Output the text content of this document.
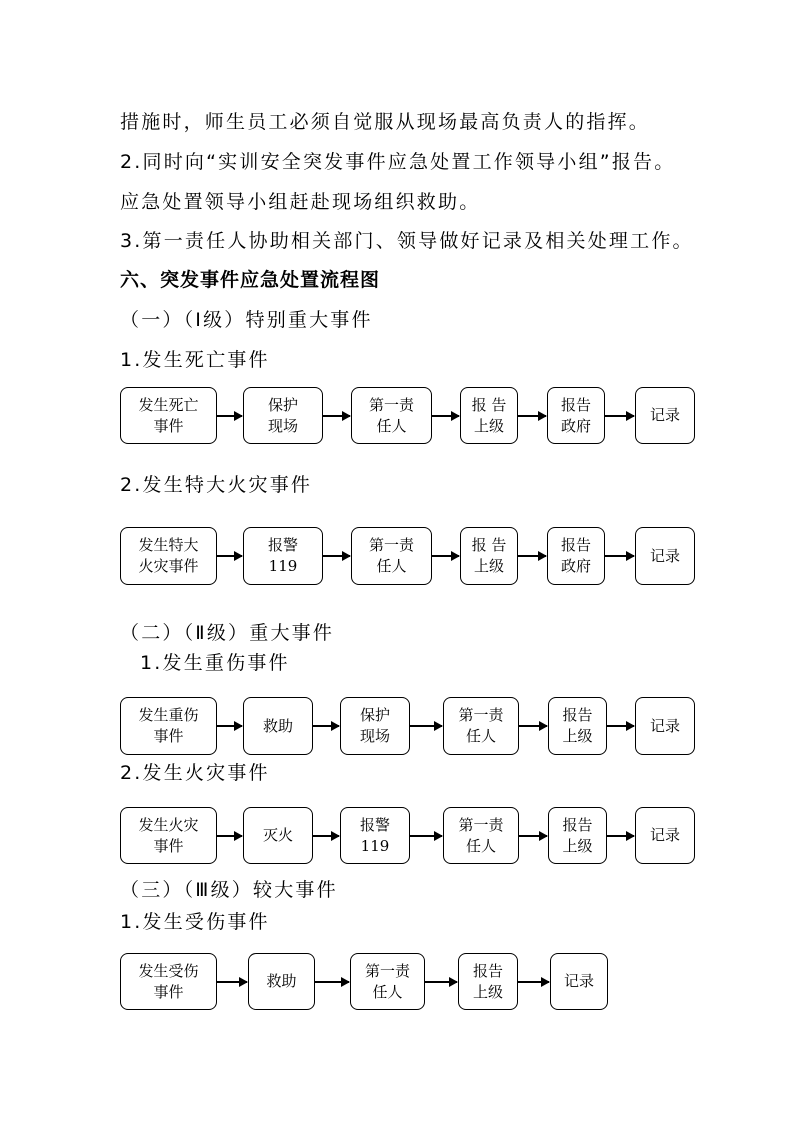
措施时，师生员工必须自觉服从现场最高负责人的指挥。
2.同时向“实训安全突发事件应急处置工作领导小组”报告。
应急处置领导小组赶赴现场组织救助。
3.第一责任人协助相关部门、领导做好记录及相关处理工作。
六、突发事件应急处置流程图
（一）（Ⅰ级）特别重大事件
1.发生死亡事件
发生死亡
事件
保护
现场
第一责
任人
报 告
上级
报告
政府
记录
2.发生特大火灾事件
发生特大
火灾事件
报警
119
第一责
任人
报 告
上级
报告
政府
记录
（二）（Ⅱ级）重大事件
1.发生重伤事件
发生重伤
事件
救助
保护
现场
第一责
任人
报告
上级
记录
2.发生火灾事件
发生火灾
事件
灭火
报警
119
第一责
任人
报告
上级
记录
（三）（Ⅲ级）较大事件
1.发生受伤事件
发生受伤
事件
救助
第一责
任人
报告
上级
记录
